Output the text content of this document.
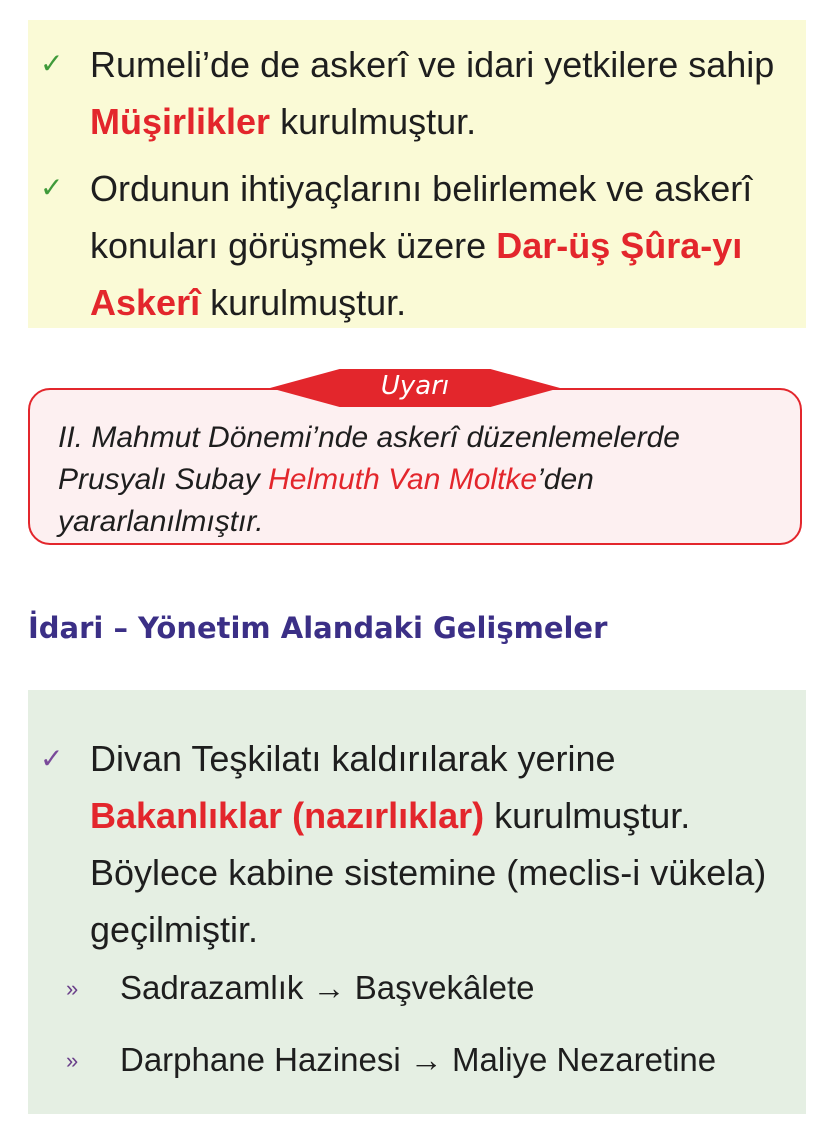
✓ Rumeli’de de askerî ve idari yetkilere sahip Müşirlikler kurulmuştur.

✓ Ordunun ihtiyaçlarını belirlemek ve askerî konuları görüşmek üzere Dar-üş Şûra-yı Askerî kurulmuştur.

Uyarı

II. Mahmut Dönemi’nde askerî düzenlemelerde Prusyalı Subay Helmuth Van Moltke’den yararlanılmıştır.

İdari – Yönetim Alandaki Gelişmeler
✓ Divan Teşkilatı kaldırılarak yerine Bakanlıklar (nazırlıklar) kurulmuştur. Böylece kabine sistemine (meclis-i vükela) geçilmiştir.

» Sadrazamlık → Başvekâlete

» Darphane Hazinesi → Maliye Nezaretine
